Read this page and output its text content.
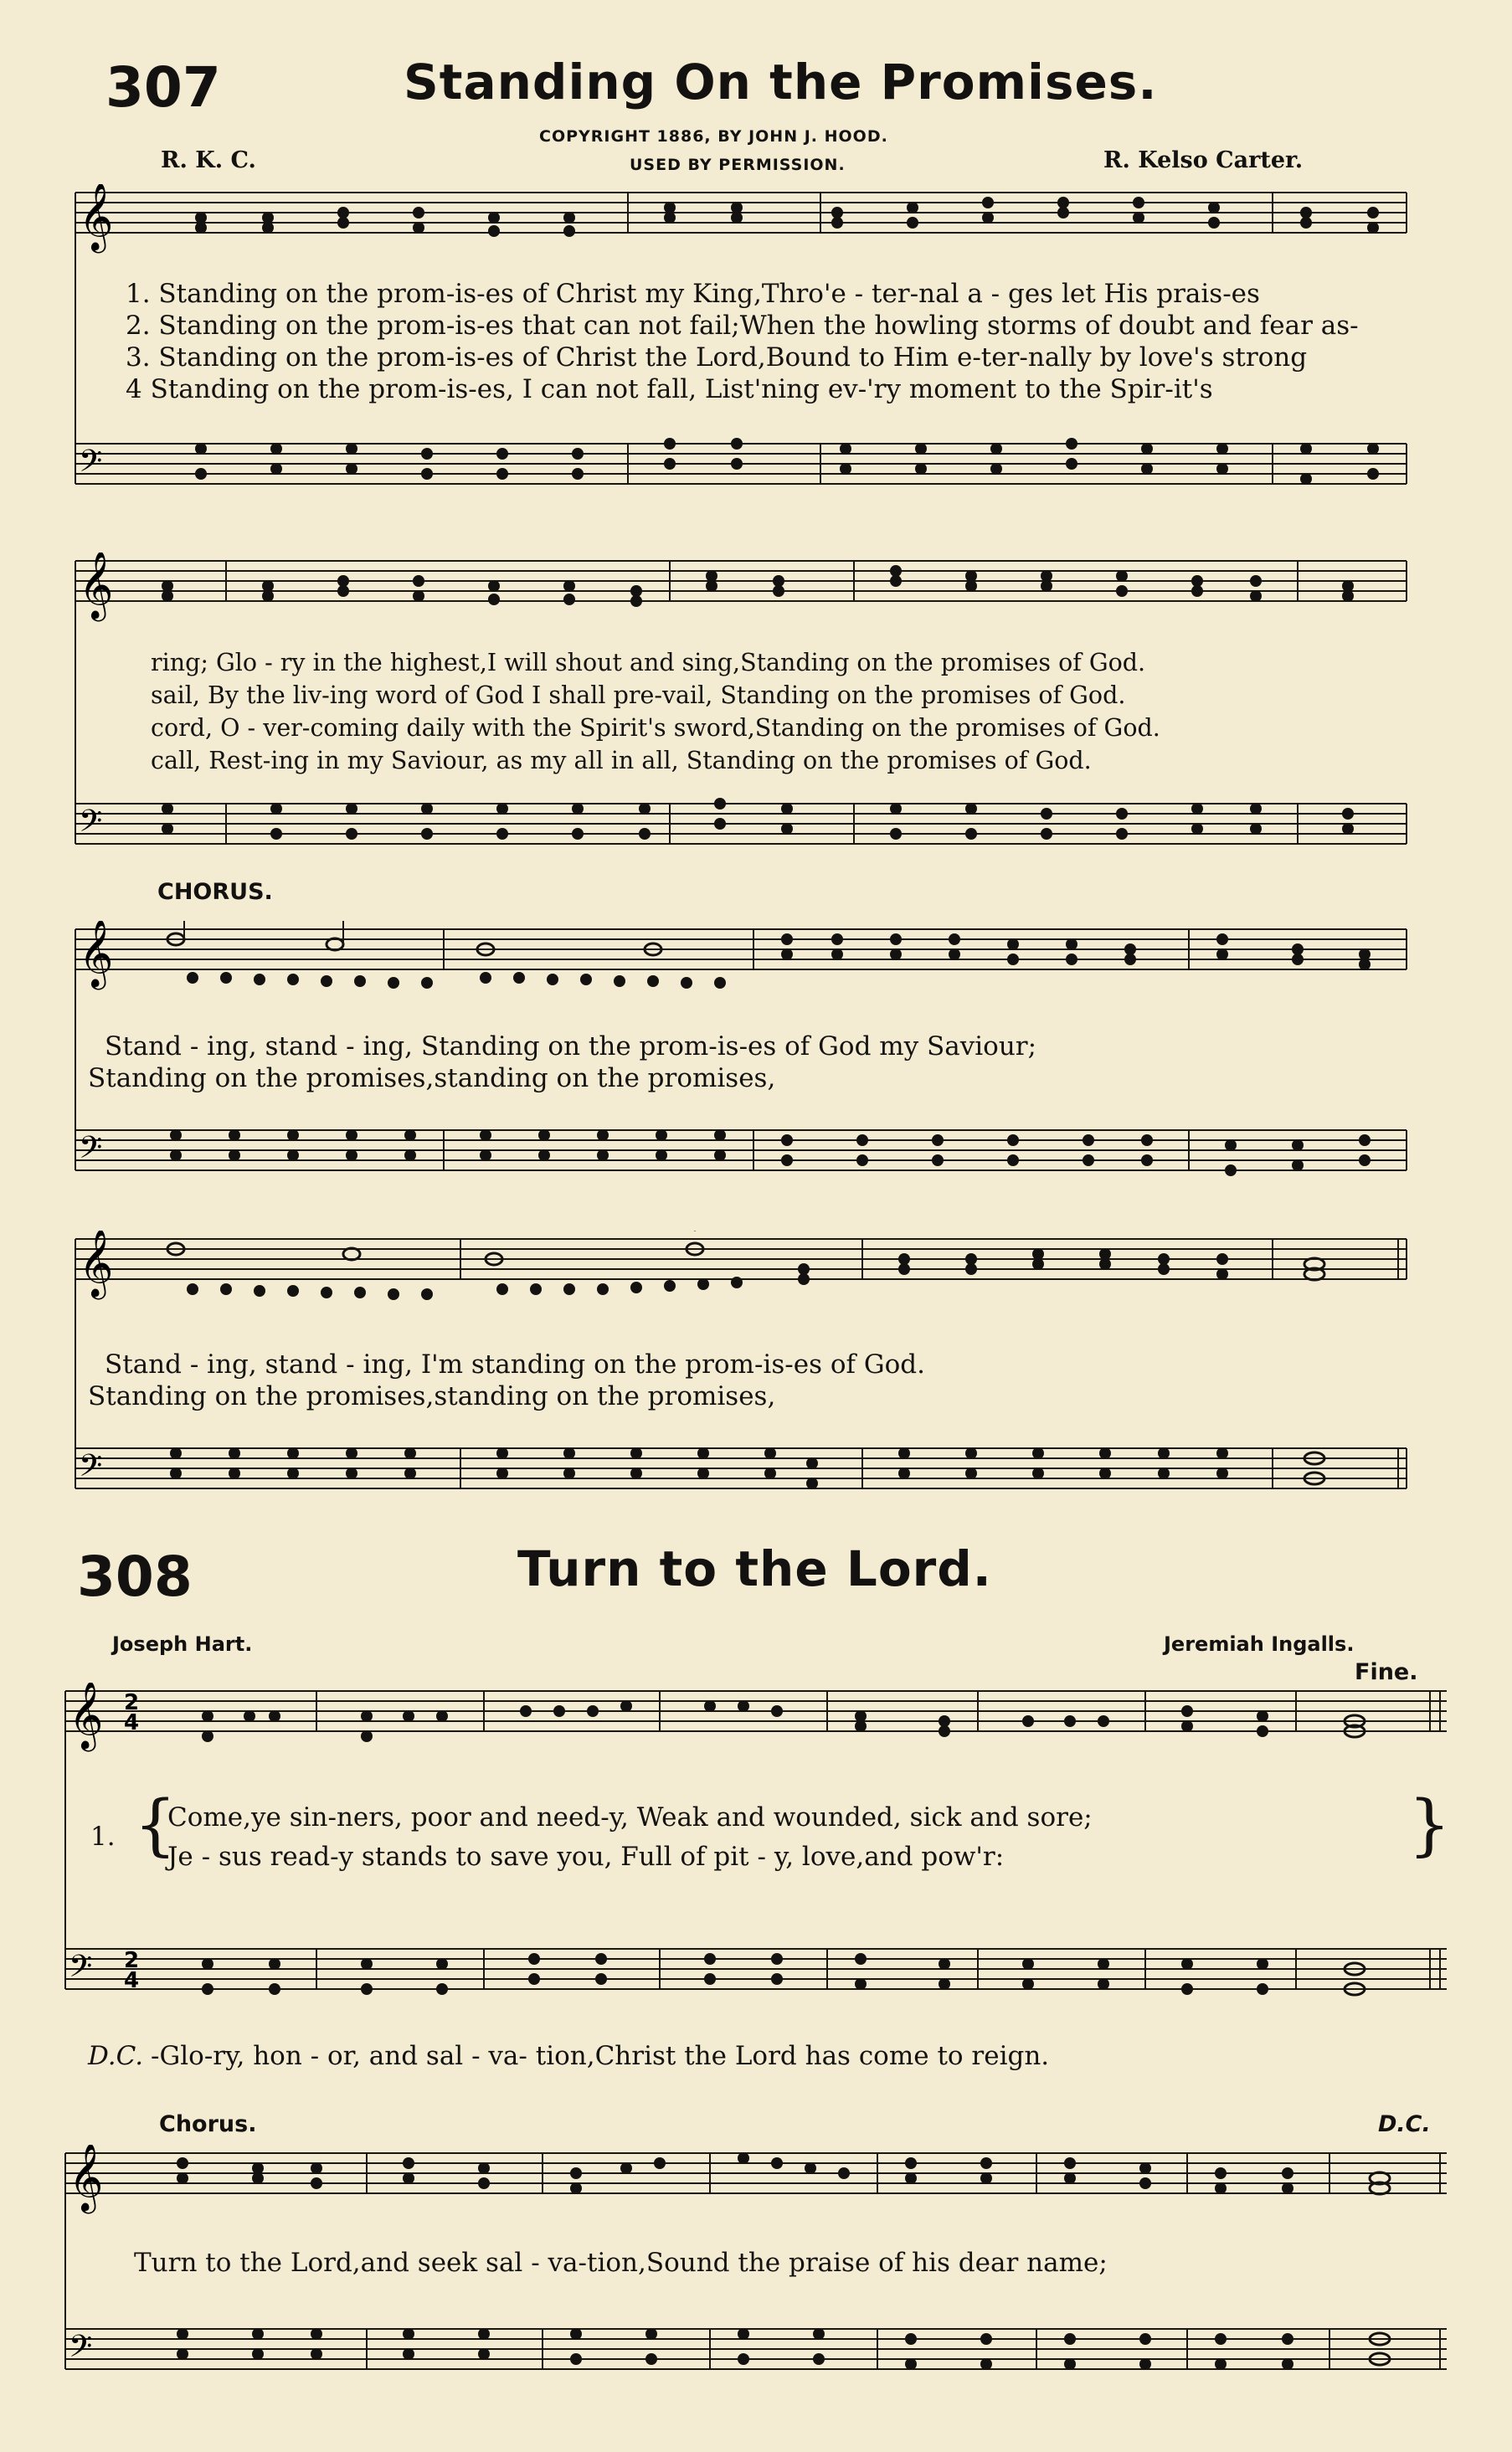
307	Standing On the Promises.
COPYRIGHT 1886, BY JOHN J. HOOD.
USED BY PERMISSION.
R. K. C.	R. Kelso Carter.
𝄞
𝄢
1. Standing on the prom-is-es of Christ my King,Thro'e - ter-nal a - ges let His prais-es
2. Standing on the prom-is-es that can not fail;When the howling storms of doubt and fear as-
3. Standing on the prom-is-es of Christ the Lord,Bound to Him e-ter-nally by love's strong
4 Standing on the prom-is-es, I can not fall, List'ning ev-'ry moment to the Spir-it's
𝄞
𝄢
ring; Glo - ry in the highest,I will shout and sing,Standing on the promises of God.
sail, By the liv-ing word of God I shall pre-vail, Standing on the promises of God.
cord, O - ver-coming daily with the Spirit's sword,Standing on the promises of God.
call, Rest-ing in my Saviour, as my all in all, Standing on the promises of God.
CHORUS.
𝄞
𝄢
Stand - ing, stand - ing, Standing on the prom-is-es of God my Saviour;
Standing on the promises,standing on the promises,
𝄞
𝄢
Stand - ing, stand - ing, I'm standing on the prom-is-es of God.
Standing on the promises,standing on the promises,
308	Turn to the Lord.
Joseph Hart.	Jeremiah Ingalls.
Fine.
𝄞 2
4
𝄢 2
4
1. {	}
Come,ye sin-ners, poor and need-y, Weak and wounded, sick and sore;
Je - sus read-y stands to save you, Full of pit - y, love,and pow'r:
D.C. -Glo-ry, hon - or, and sal - va- tion,Christ the Lord has come to reign.
Chorus.	D.C.
𝄞
𝄢
Turn to the Lord,and seek sal - va-tion,Sound the praise of his dear name;
